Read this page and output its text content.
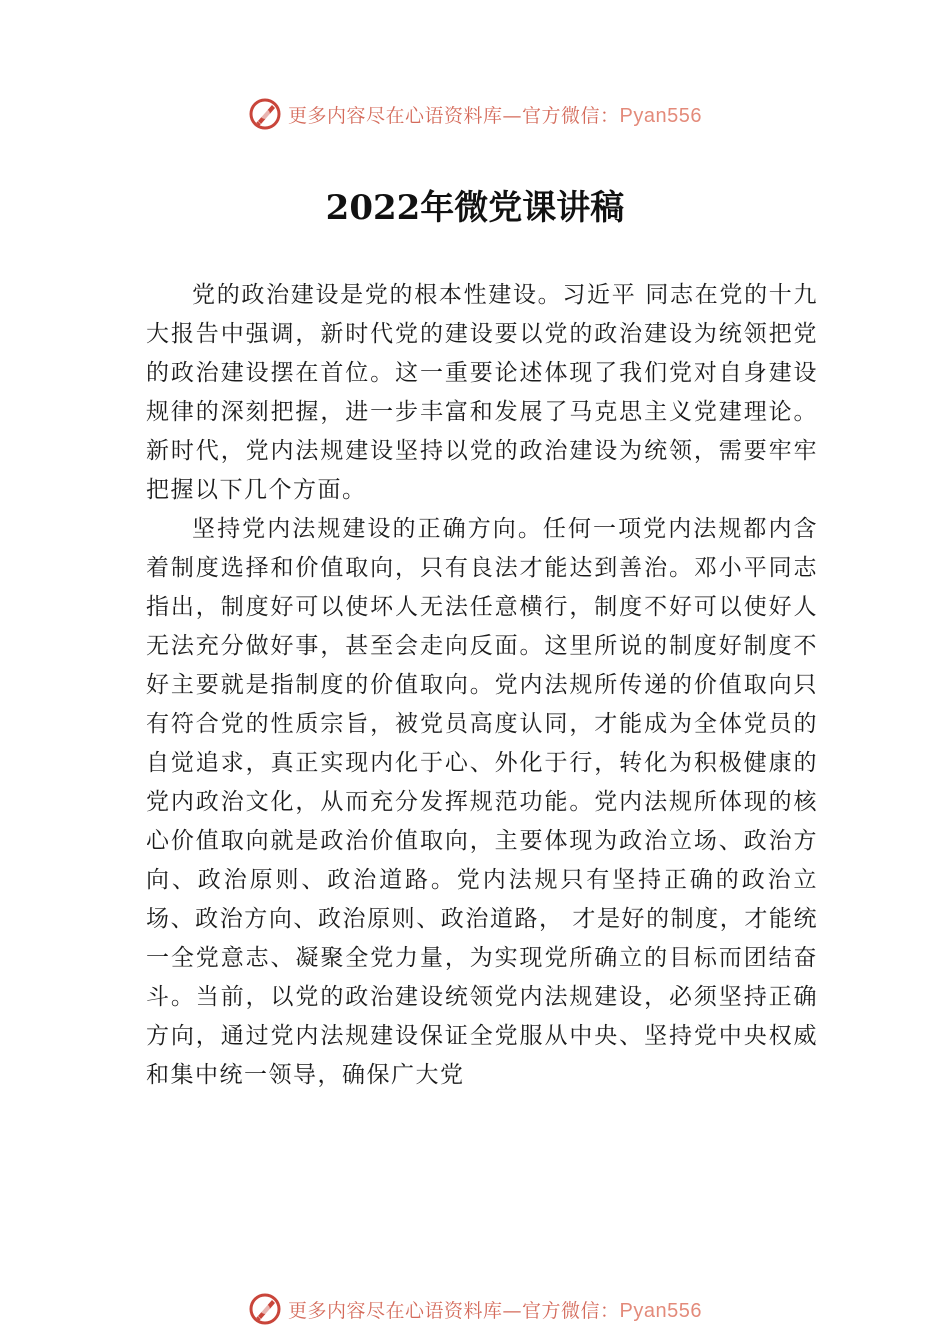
更多内容尽在心语资料库—官方微信：Pyan556
2022年微党课讲稿

党的政治建设是党的根本性建设。习近平 同志在党的十九大报告中强调，新时代党的建设要以党的政治建设为统领把党的政治建设摆在首位。这一重要论述体现了我们党对自身建设规律的深刻把握，进一步丰富和发展了马克思主义党建理论。新时代，党内法规建设坚持以党的政治建设为统领，需要牢牢把握以下几个方面。

坚持党内法规建设的正确方向。任何一项党内法规都内含着制度选择和价值取向，只有良法才能达到善治。邓小平同志指出，制度好可以使坏人无法任意横行，制度不好可以使好人无法充分做好事，甚至会走向反面。这里所说的制度好制度不好主要就是指制度的价值取向。党内法规所传递的价值取向只有符合党的性质宗旨，被党员高度认同，才能成为全体党员的自觉追求，真正实现内化于心、外化于行，转化为积极健康的党内政治文化，从而充分发挥规范功能。党内法规所体现的核心价值取向就是政治价值取向，主要体现为政治立场、政治方向、政治原则、政治道路。党内法规只有坚持正确的政治立场、政治方向、政治原则、政治道路， 才是好的制度，才能统一全党意志、凝聚全党力量，为实现党所确立的目标而团结奋斗。当前，以党的政治建设统领党内法规建设，必须坚持正确方向，通过党内法规建设保证全党服从中央、坚持党中央权威和集中统一领导，确保广大党

更多内容尽在心语资料库—官方微信：Pyan556
